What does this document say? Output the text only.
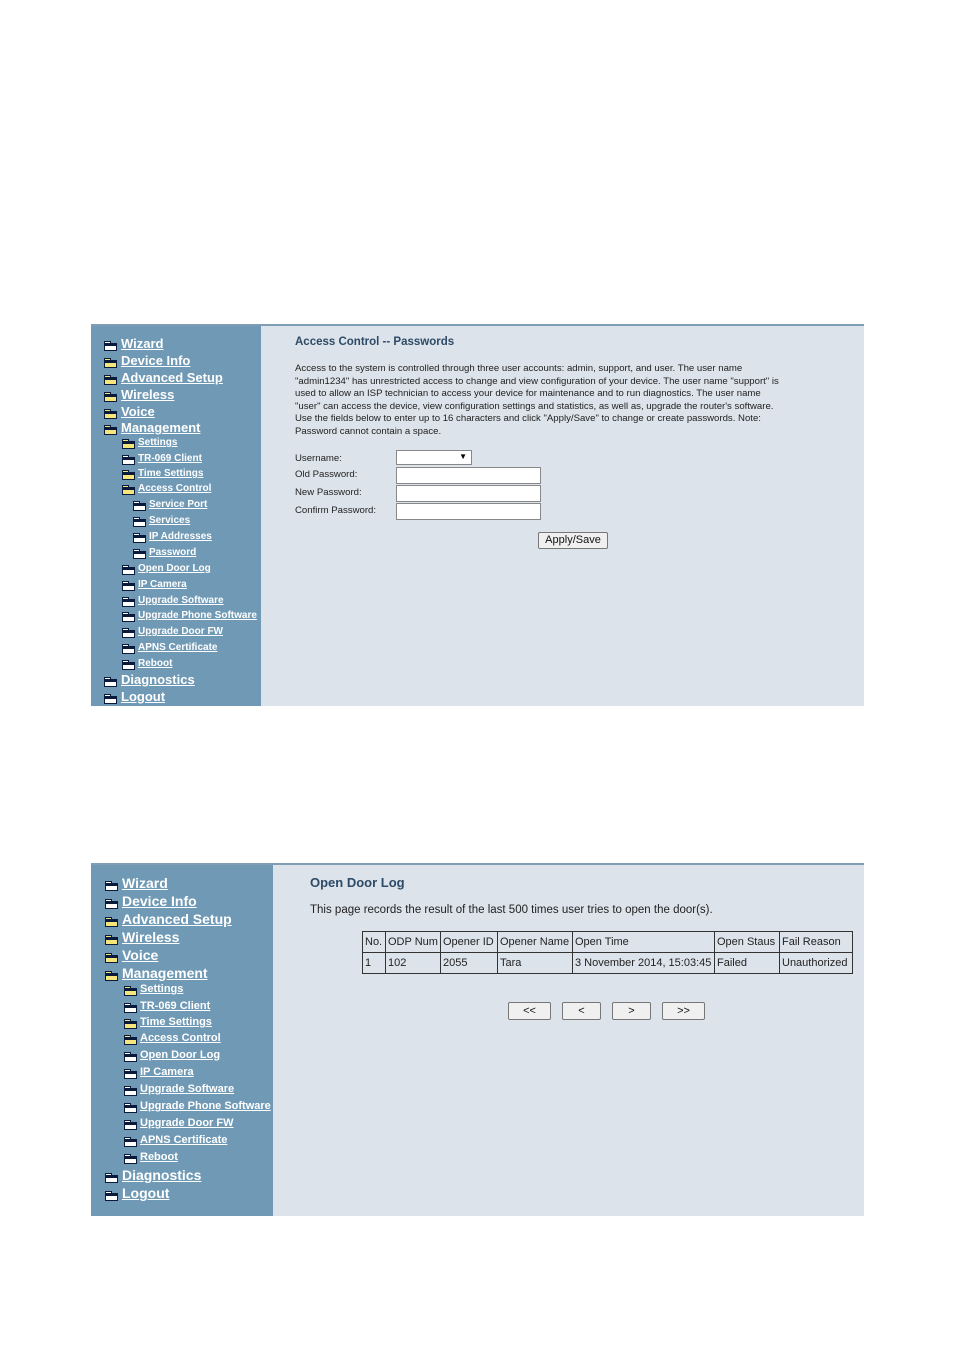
Wizard
Device Info
Advanced Setup
Wireless
Voice
Management
Settings
TR-069 Client
Time Settings
Access Control
Service Port
Services
IP Addresses
Password
Open Door Log
IP Camera
Upgrade Software
Upgrade Phone Software
Upgrade Door FW
APNS Certificate
Reboot
Diagnostics
Logout
Access Control -- Passwords
Access to the system is controlled through three user accounts: admin, support, and user. The user name
"admin1234" has unrestricted access to change and view configuration of your device. The user name "support" is
used to allow an ISP technician to access your device for maintenance and to run diagnostics. The user name
"user" can access the device, view configuration settings and statistics, as well as, upgrade the router's software.
Use the fields below to enter up to 16 characters and click "Apply/Save" to change or create passwords. Note:
Password cannot contain a space.
Username:	▼
Old Password:
New Password:
Confirm Password:
Apply/Save
Wizard
Device Info
Advanced Setup
Wireless
Voice
Management
Settings
TR-069 Client
Time Settings
Access Control
Open Door Log
IP Camera
Upgrade Software
Upgrade Phone Software
Upgrade Door FW
APNS Certificate
Reboot
Diagnostics
Logout
Open Door Log
This page records the result of the last 500 times user tries to open the door(s).
No.	ODP Num	Opener ID	Opener Name	Open Time	Open Staus	Fail Reason
1	102	2055	Tara	3 November 2014, 15:03:45	Failed	Unauthorized
<<	<	>	>>
